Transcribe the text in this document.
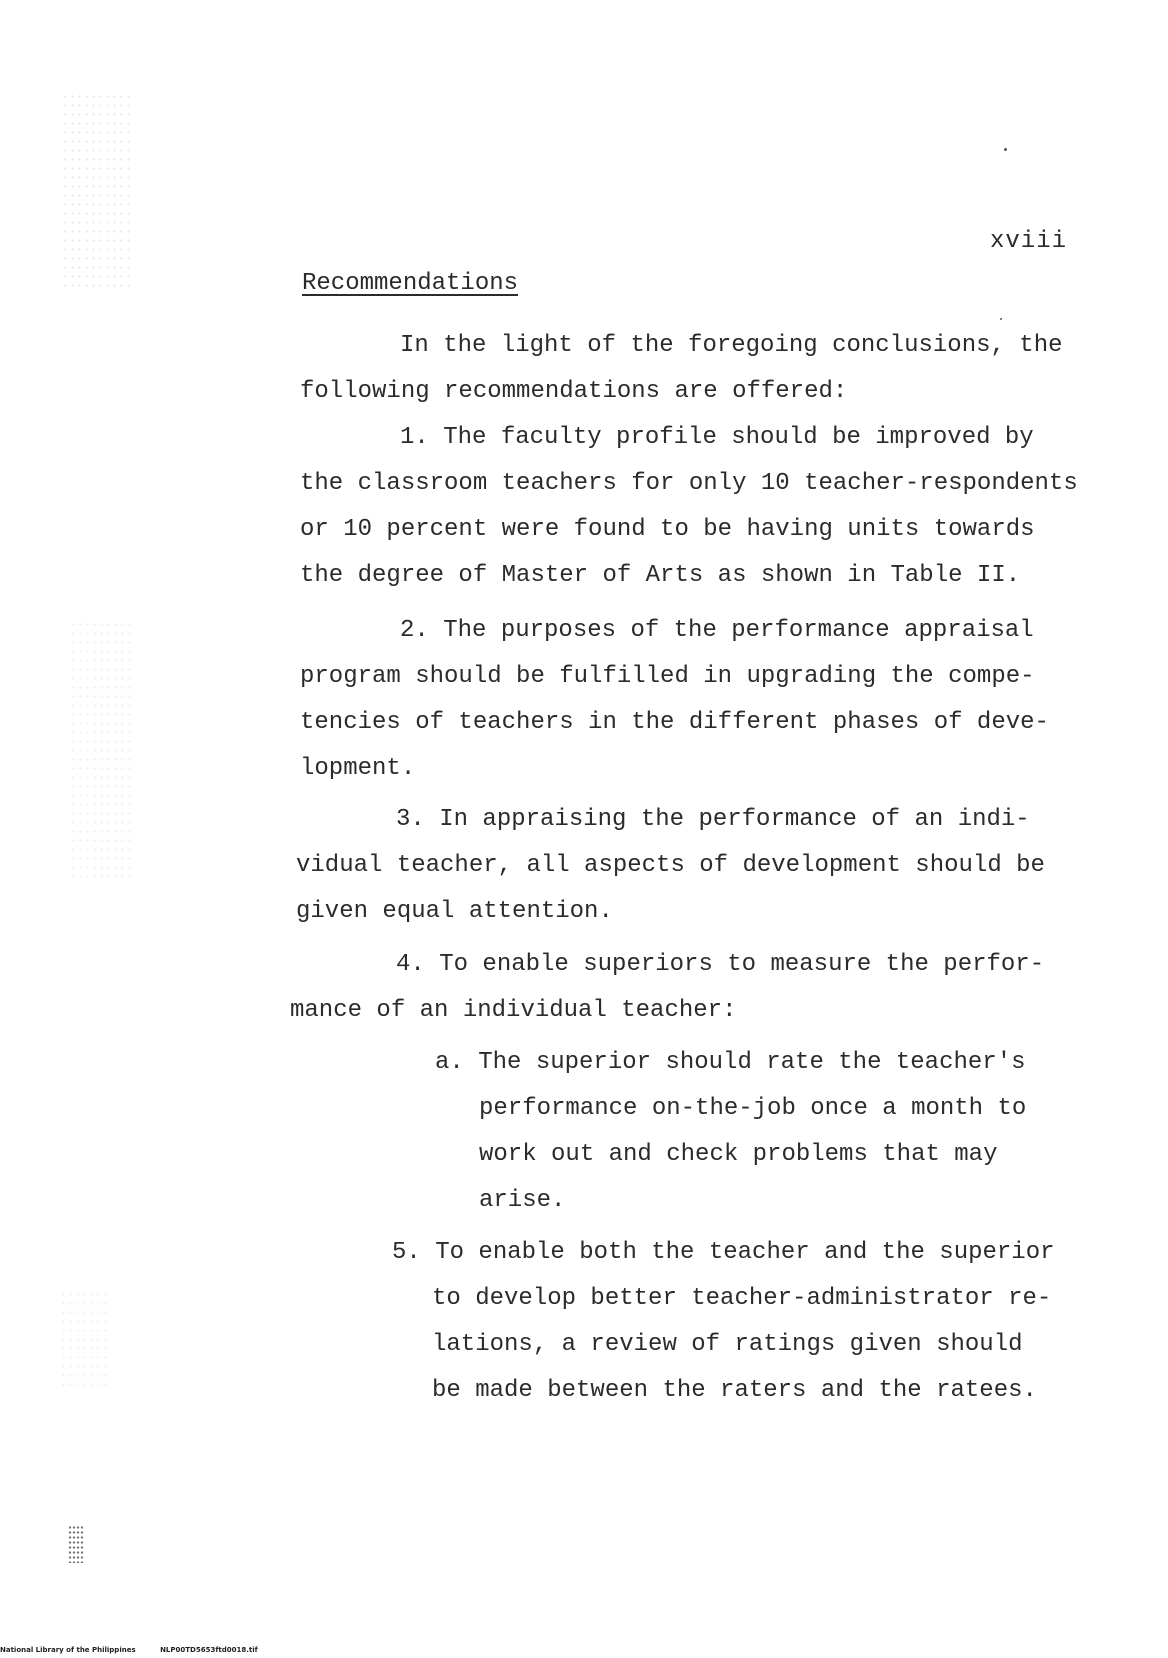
xviii

Recommendations

In the light of the foregoing conclusions, the
following recommendations are offered:

1. The faculty profile should be improved by
the classroom teachers for only 10 teacher-respondents
or 10 percent were found to be having units towards
the degree of Master of Arts as shown in Table II.

2. The purposes of the performance appraisal
program should be fulfilled in upgrading the compe-
tencies of teachers in the different phases of deve-
lopment.

3. In appraising the performance of an indi-
vidual teacher, all aspects of development should be
given equal attention.

4. To enable superiors to measure the perfor-
mance of an individual teacher:

a. The superior should rate the teacher's
performance on-the-job once a month to
work out and check problems that may
arise.

5. To enable both the teacher and the superior
to develop better teacher-administrator re-
lations, a review of ratings given should
be made between the raters and the ratees.

National Library of the Philippines	NLP00TD5653ftd0018.tif
